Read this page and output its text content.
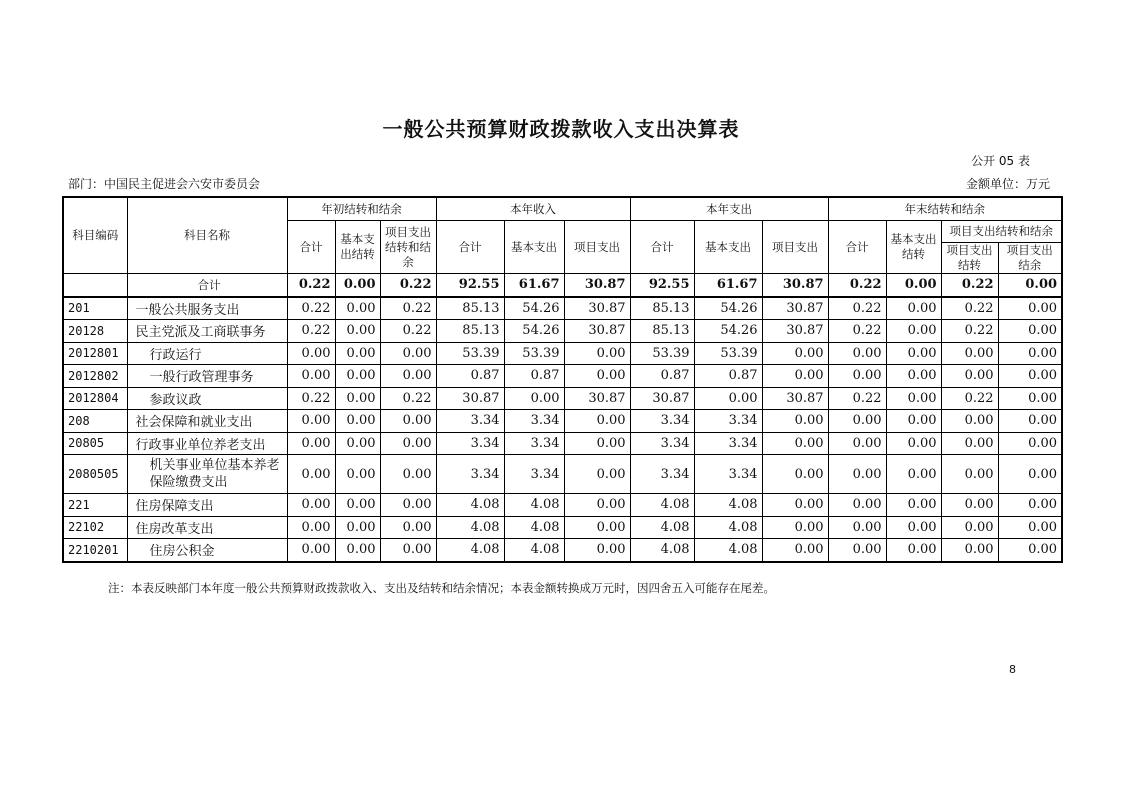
一般公共预算财政拨款收入支出决算表
公开 05 表
部门：中国民主促进会六安市委员会	金额单位：万元
科目编码	科目名称	年初结转和结余			本年收入			本年支出			年末结转和结余			
		合计	基本支出结转	项目支出结转和结余	合计	基本支出	项目支出	合计	基本支出	项目支出	合计	基本支出结转	项目支出结转和结余	
													项目支出结转	项目支出结余
	合计	0.22	0.00	0.22	92.55	61.67	30.87	92.55	61.67	30.87	0.22	0.00	0.22	0.00
201	一般公共服务支出	0.22	0.00	0.22	85.13	54.26	30.87	85.13	54.26	30.87	0.22	0.00	0.22	0.00
20128	民主党派及工商联事务	0.22	0.00	0.22	85.13	54.26	30.87	85.13	54.26	30.87	0.22	0.00	0.22	0.00
2012801	行政运行	0.00	0.00	0.00	53.39	53.39	0.00	53.39	53.39	0.00	0.00	0.00	0.00	0.00
2012802	一般行政管理事务	0.00	0.00	0.00	0.87	0.87	0.00	0.87	0.87	0.00	0.00	0.00	0.00	0.00
2012804	参政议政	0.22	0.00	0.22	30.87	0.00	30.87	30.87	0.00	30.87	0.22	0.00	0.22	0.00
208	社会保障和就业支出	0.00	0.00	0.00	3.34	3.34	0.00	3.34	3.34	0.00	0.00	0.00	0.00	0.00
20805	行政事业单位养老支出	0.00	0.00	0.00	3.34	3.34	0.00	3.34	3.34	0.00	0.00	0.00	0.00	0.00
2080505	机关事业单位基本养老保险缴费支出	0.00	0.00	0.00	3.34	3.34	0.00	3.34	3.34	0.00	0.00	0.00	0.00	0.00
221	住房保障支出	0.00	0.00	0.00	4.08	4.08	0.00	4.08	4.08	0.00	0.00	0.00	0.00	0.00
22102	住房改革支出	0.00	0.00	0.00	4.08	4.08	0.00	4.08	4.08	0.00	0.00	0.00	0.00	0.00
2210201	住房公积金	0.00	0.00	0.00	4.08	4.08	0.00	4.08	4.08	0.00	0.00	0.00	0.00	0.00
注：本表反映部门本年度一般公共预算财政拨款收入、支出及结转和结余情况；本表金额转换成万元时，因四舍五入可能存在尾差。
8
